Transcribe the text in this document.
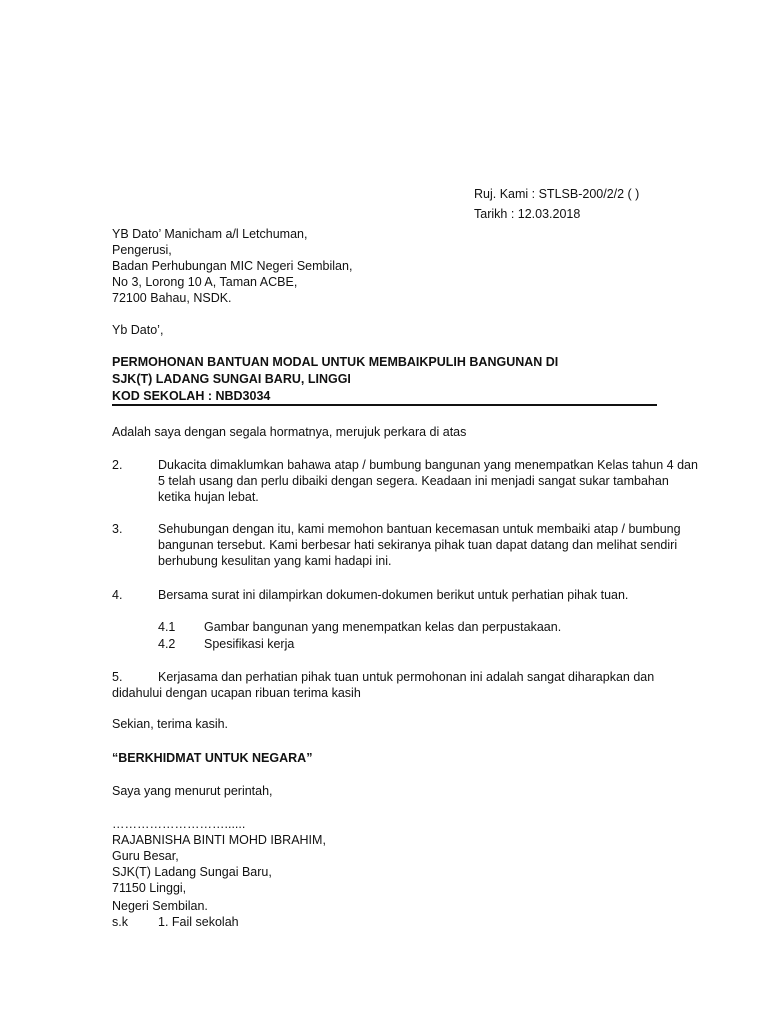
Ruj. Kami : STLSB-200/2/2 ( )
Tarikh : 12.03.2018
YB Dato’ Manicham a/l Letchuman,
Pengerusi,
Badan Perhubungan MIC Negeri Sembilan,
No 3, Lorong 10 A, Taman ACBE,
72100 Bahau, NSDK.
Yb Dato’,
PERMOHONAN BANTUAN MODAL UNTUK MEMBAIKPULIH BANGUNAN DI
SJK(T) LADANG SUNGAI BARU, LINGGI
KOD SEKOLAH : NBD3034
Adalah saya dengan segala hormatnya, merujuk perkara di atas
2.	Dukacita dimaklumkan bahawa atap / bumbung bangunan yang menempatkan Kelas tahun 4 dan
5 telah usang dan perlu dibaiki dengan segera. Keadaan ini menjadi sangat sukar tambahan
ketika hujan lebat.
3.	Sehubungan dengan itu, kami memohon bantuan kecemasan untuk membaiki atap / bumbung
bangunan tersebut. Kami berbesar hati sekiranya pihak tuan dapat datang dan melihat sendiri
berhubung kesulitan yang kami hadapi ini.
4.	Bersama surat ini dilampirkan dokumen-dokumen berikut untuk perhatian pihak tuan.
4.1 Gambar bangunan yang menempatkan kelas dan perpustakaan.
4.2 Spesifikasi kerja
5.	Kerjasama dan perhatian pihak tuan untuk permohonan ini adalah sangat diharapkan dan
didahului dengan ucapan ribuan terima kasih
Sekian, terima kasih.
“BERKHIDMAT UNTUK NEGARA”
Saya yang menurut perintah,
………………………......
RAJABNISHA BINTI MOHD IBRAHIM,
Guru Besar,
SJK(T) Ladang Sungai Baru,
71150 Linggi,
Negeri Sembilan.
s.k 1. Fail sekolah
